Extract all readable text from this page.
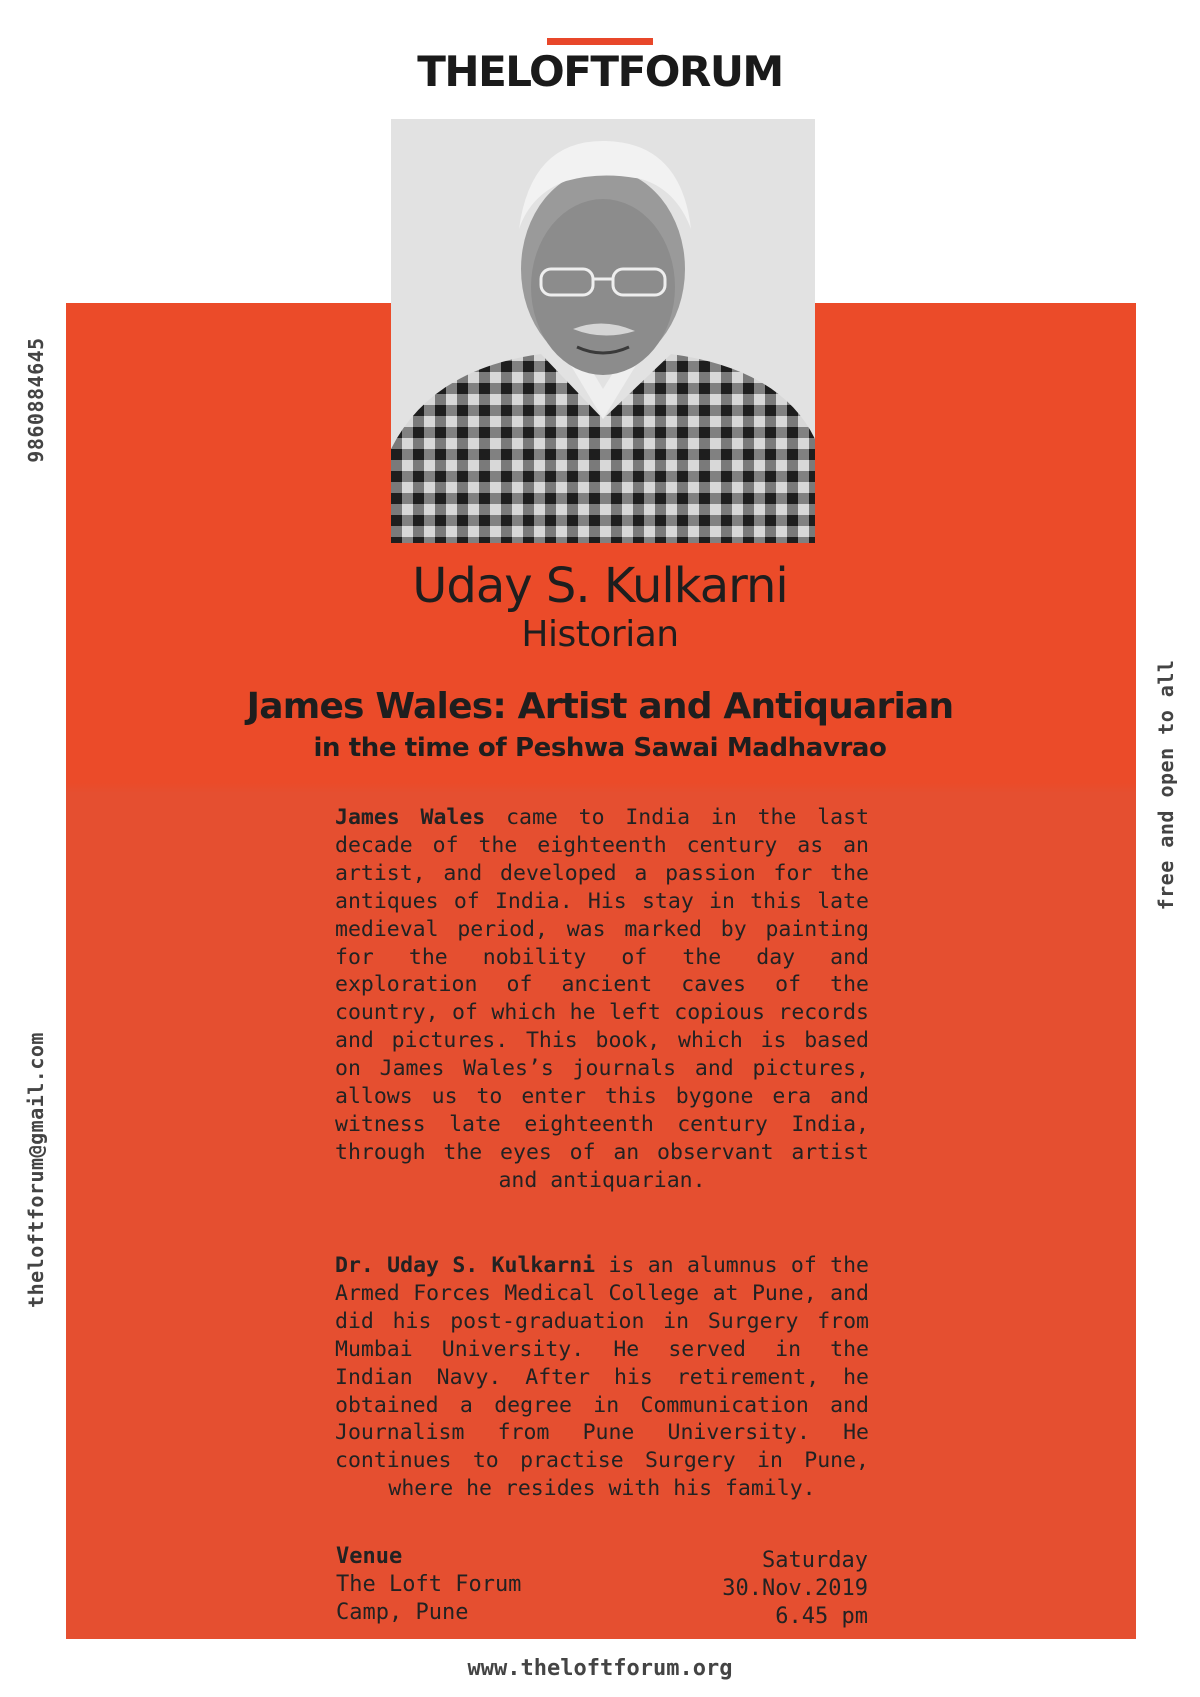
THELOFTFORUM
Uday S. Kulkarni
Historian
James Wales: Artist and Antiquarian
in the time of Peshwa Sawai Madhavrao
James Wales came to India in the last decade of the eighteenth century as an artist, and developed a passion for the antiques of India. His stay in this late medieval period, was marked by painting for the nobility of the day and exploration of ancient caves of the country, of which he left copious records and pictures. This book, which is based on James Wales’s journals and pictures, allows us to enter this bygone era and witness late eighteenth century India, through the eyes of an observant artist and antiquarian.
Dr. Uday S. Kulkarni is an alumnus of the Armed Forces Medical College at Pune, and did his post-graduation in Surgery from Mumbai University. He served in the Indian Navy. After his retirement, he obtained a degree in Communication and Journalism from Pune University. He continues to practise Surgery in Pune, where he resides with his family.
Venue
The Loft Forum
Camp, Pune
Saturday
30.Nov.2019
6.45 pm
9860884645
theloftforum@gmail.com
free and open to all
www.theloftforum.org
